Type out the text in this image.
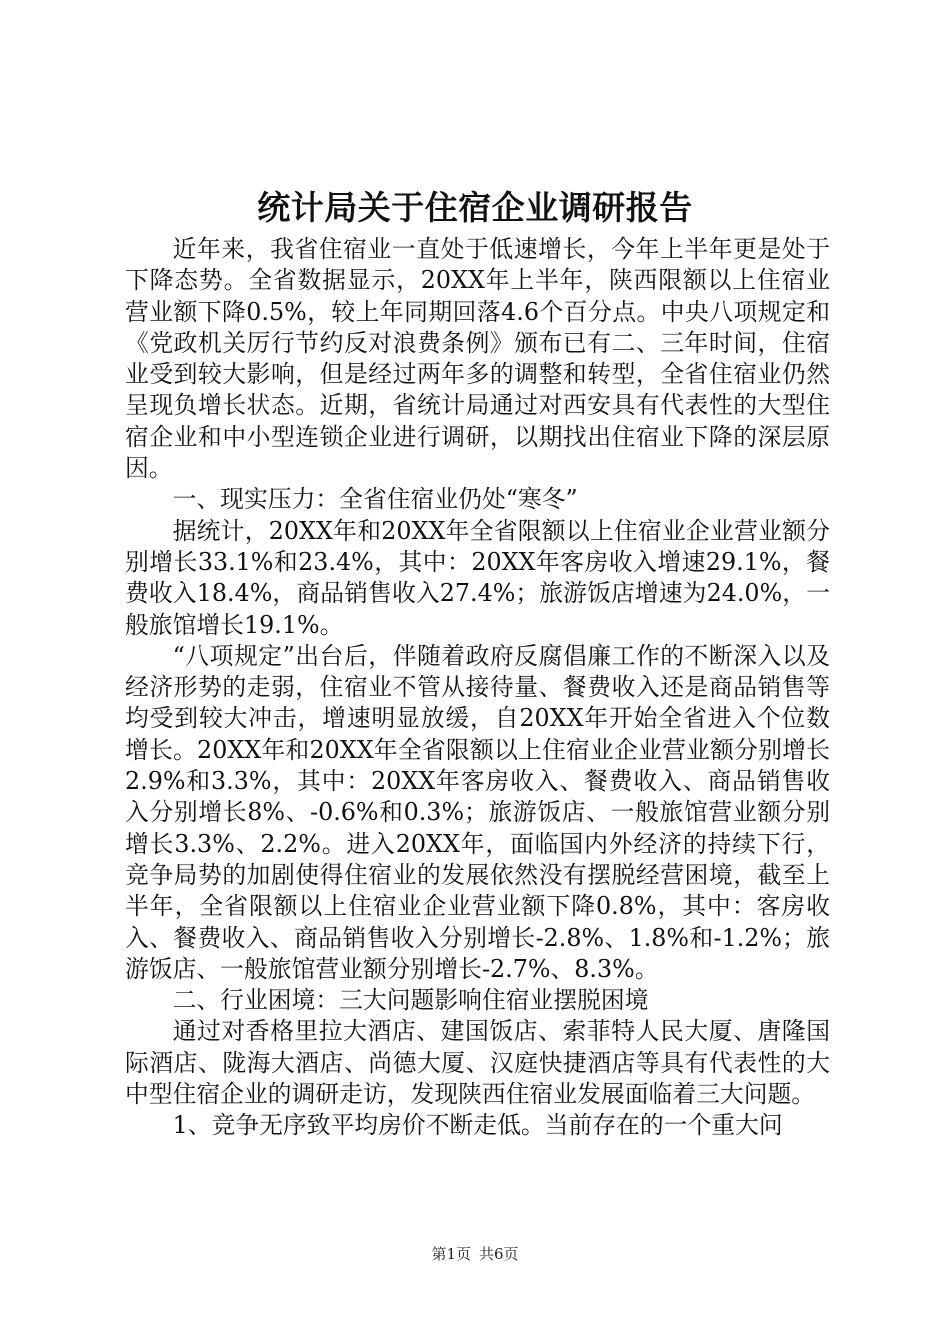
统计局关于住宿企业调研报告

近年来，我省住宿业一直处于低速增长，今年上半年更是处于下降态势。全省数据显示，20XX年上半年，陕西限额以上住宿业营业额下降0.5%，较上年同期回落4.6个百分点。中央八项规定和《党政机关厉行节约反对浪费条例》颁布已有二、三年时间，住宿业受到较大影响，但是经过两年多的调整和转型，全省住宿业仍然呈现负增长状态。近期，省统计局通过对西安具有代表性的大型住宿企业和中小型连锁企业进行调研，以期找出住宿业下降的深层原因。

一、现实压力：全省住宿业仍处“寒冬”

据统计，20XX年和20XX年全省限额以上住宿业企业营业额分别增长33.1%和23.4%，其中：20XX年客房收入增速29.1%，餐费收入18.4%，商品销售收入27.4%；旅游饭店增速为24.0%，一般旅馆增长19.1%。

“八项规定”出台后，伴随着政府反腐倡廉工作的不断深入以及经济形势的走弱，住宿业不管从接待量、餐费收入还是商品销售等均受到较大冲击，增速明显放缓，自20XX年开始全省进入个位数增长。20XX年和20XX年全省限额以上住宿业企业营业额分别增长2.9%和3.3%，其中：20XX年客房收入、餐费收入、商品销售收入分别增长8%、-0.6%和0.3%；旅游饭店、一般旅馆营业额分别增长3.3%、2.2%。进入20XX年，面临国内外经济的持续下行，竞争局势的加剧使得住宿业的发展依然没有摆脱经营困境，截至上半年，全省限额以上住宿业企业营业额下降0.8%，其中：客房收入、餐费收入、商品销售收入分别增长-2.8%、1.8%和-1.2%；旅游饭店、一般旅馆营业额分别增长-2.7%、8.3%。

二、行业困境：三大问题影响住宿业摆脱困境

通过对香格里拉大酒店、建国饭店、索菲特人民大厦、唐隆国际酒店、陇海大酒店、尚德大厦、汉庭快捷酒店等具有代表性的大中型住宿企业的调研走访，发现陕西住宿业发展面临着三大问题。

1、竞争无序致平均房价不断走低。当前存在的一个重大问

第1页 共6页
